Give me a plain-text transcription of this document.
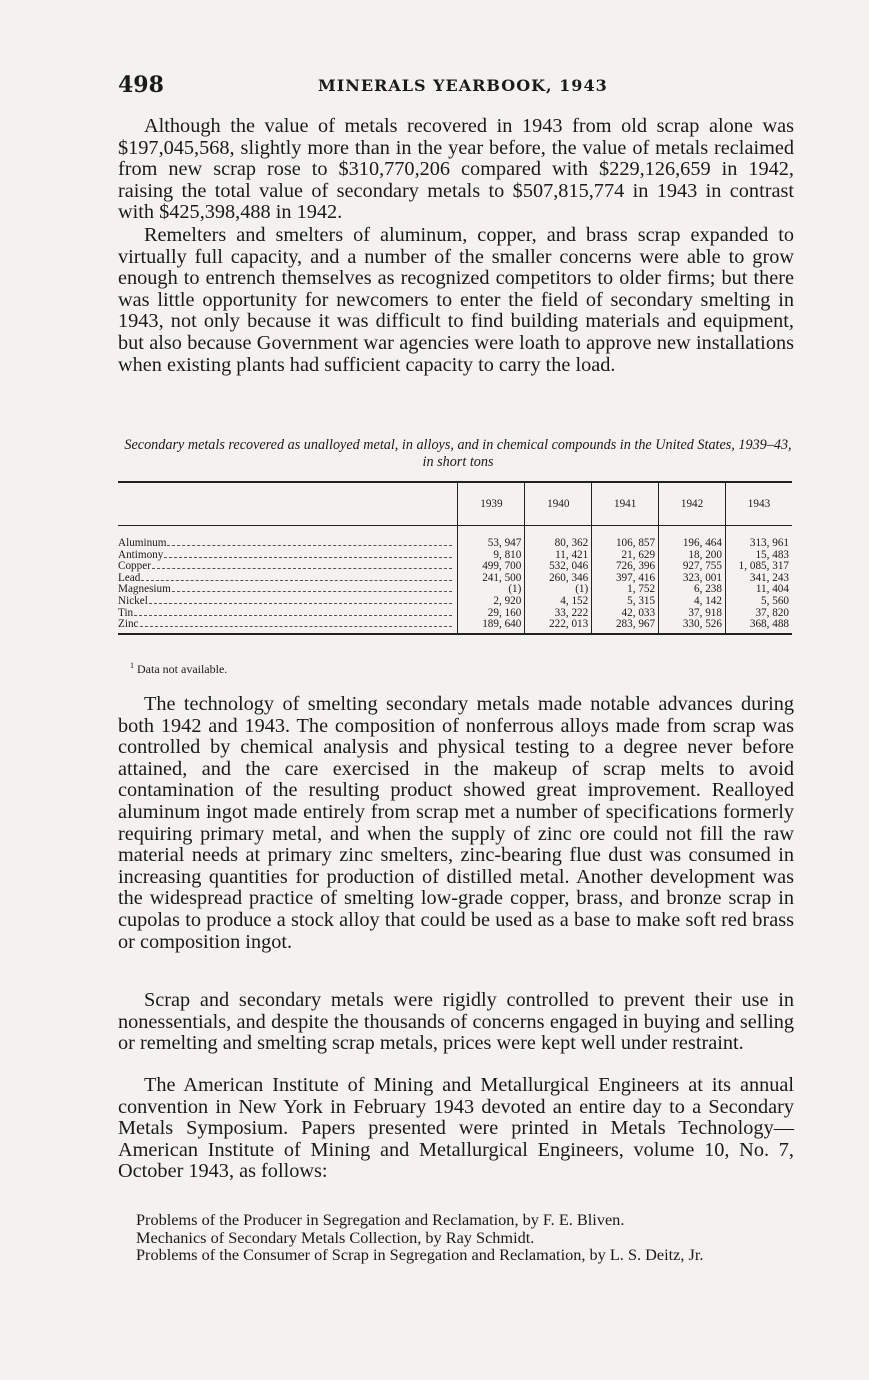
498	MINERALS YEARBOOK, 1943

Although the value of metals recovered in 1943 from old scrap alone was $197,045,568, slightly more than in the year before, the value of metals reclaimed from new scrap rose to $310,770,206 compared with $229,126,659 in 1942, raising the total value of secondary metals to $507,815,774 in 1943 in contrast with $425,398,488 in 1942.

Remelters and smelters of aluminum, copper, and brass scrap expanded to virtually full capacity, and a number of the smaller concerns were able to grow enough to entrench themselves as recognized competitors to older firms; but there was little opportunity for newcomers to enter the field of secondary smelting in 1943, not only because it was difficult to find building materials and equipment, but also because Government war agencies were loath to approve new installations when existing plants had sufficient capacity to carry the load.

Secondary metals recovered as unalloyed metal, in alloys, and in chemical compounds in the United States, 1939–43, in short tons
	1939	1940	1941	1942	1943

Aluminum	53, 947	80, 362	106, 857	196, 464	313, 961

Antimony	9, 810	11, 421	21, 629	18, 200	15, 483

Copper	499, 700	532, 046	726, 396	927, 755	1, 085, 317

Lead	241, 500	260, 346	397, 416	323, 001	341, 243

Magnesium	(1)	(1)	1, 752	6, 238	11, 404

Nickel	2, 920	4, 152	5, 315	4, 142	5, 560

Tin	29, 160	33, 222	42, 033	37, 918	37, 820

Zinc	189, 640	222, 013	283, 967	330, 526	368, 488
$^1$ Data not available.

The technology of smelting secondary metals made notable advances during both 1942 and 1943. The composition of nonferrous alloys made from scrap was controlled by chemical analysis and physical testing to a degree never before attained, and the care exercised in the makeup of scrap melts to avoid contamination of the resulting product showed great improvement. Realloyed aluminum ingot made entirely from scrap met a number of specifications formerly requiring primary metal, and when the supply of zinc ore could not fill the raw material needs at primary zinc smelters, zinc-bearing flue dust was consumed in increasing quantities for production of distilled metal. Another development was the widespread practice of smelting low-grade copper, brass, and bronze scrap in cupolas to produce a stock alloy that could be used as a base to make soft red brass or composition ingot.

Scrap and secondary metals were rigidly controlled to prevent their use in nonessentials, and despite the thousands of concerns engaged in buying and selling or remelting and smelting scrap metals, prices were kept well under restraint.

The American Institute of Mining and Metallurgical Engineers at its annual convention in New York in February 1943 devoted an entire day to a Secondary Metals Symposium. Papers presented were printed in Metals Technology—American Institute of Mining and Metallurgical Engineers, volume 10, No. 7, October 1943, as follows:

Problems of the Producer in Segregation and Reclamation, by F. E. Bliven.
Mechanics of Secondary Metals Collection, by Ray Schmidt.
Problems of the Consumer of Scrap in Segregation and Reclamation, by L. S. Deitz, Jr.
